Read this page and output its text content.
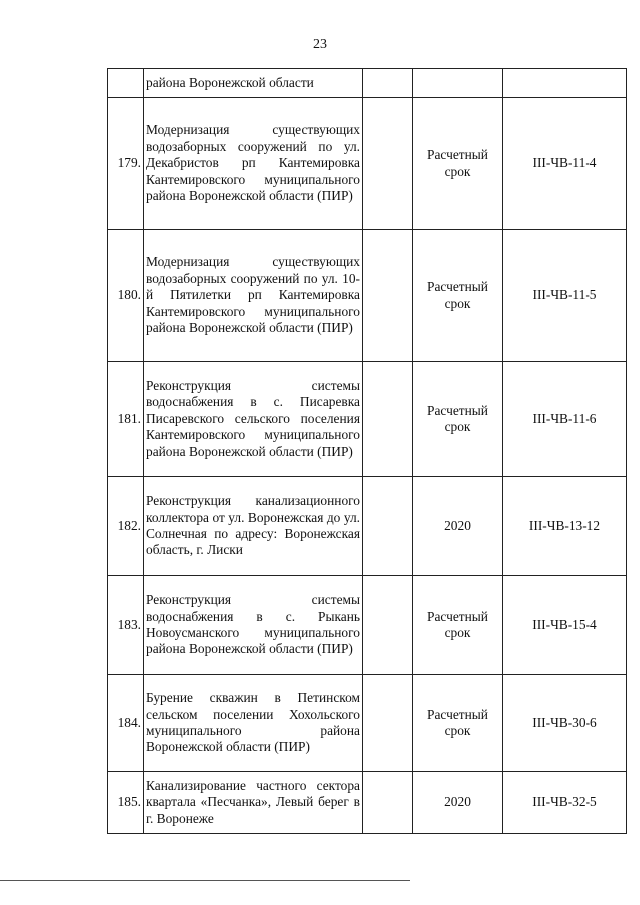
23
	района Воронежской области			
179.	Модернизация существующих водозаборных сооружений по ул. Декабристов рп Кантемировка Кантемировского муниципального района Воронежской области (ПИР)		Расчетный срок	III-ЧВ-11-4
180.	Модернизация существующих водозаборных сооружений по ул. 10-й Пятилетки рп Кантемировка Кантемировского муниципального района Воронежской области (ПИР)		Расчетный срок	III-ЧВ-11-5
181.	Реконструкция системы водоснабжения в с. Писаревка Писаревского сельского поселения Кантемировского муниципального района Воронежской области (ПИР)		Расчетный срок	III-ЧВ-11-6
182.	Реконструкция канализационного коллектора от ул. Воронежская до ул. Солнечная по адресу: Воронежская область, г. Лиски		2020	III-ЧВ-13-12
183.	Реконструкция системы водоснабжения в с. Рыкань Новоусманского муниципального района Воронежской области (ПИР)		Расчетный срок	III-ЧВ-15-4
184.	Бурение скважин в Петинском сельском поселении Хохольского муниципального района Воронежской области (ПИР)		Расчетный срок	III-ЧВ-30-6
185.	Канализирование частного сектора квартала «Песчанка», Левый берег в г. Воронеже		2020	III-ЧВ-32-5
